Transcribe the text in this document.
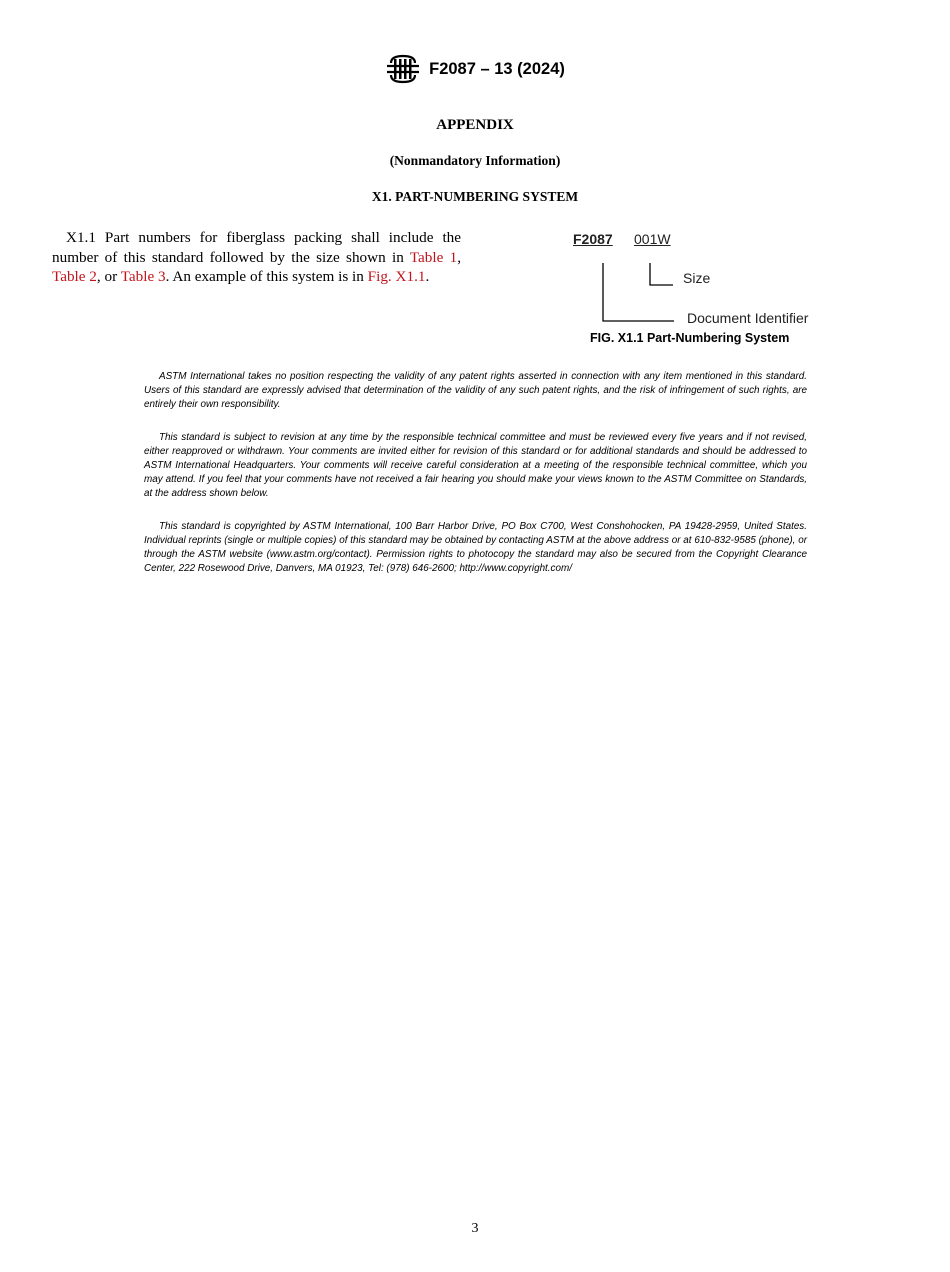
F2087 – 13 (2024)
APPENDIX
(Nonmandatory Information)
X1. PART-NUMBERING SYSTEM
X1.1 Part numbers for fiberglass packing shall include the
number of this standard followed by the size shown in Table 1, Table 2, or Table 3. An example of this system is in Fig. X1.1.
F2087 001W
Size
Document Identifier
FIG. X1.1 Part-Numbering System
ASTM International takes no position respecting the validity of any patent rights asserted in connection with any item mentioned in this standard. Users of this standard are expressly advised that determination of the validity of any such patent rights, and the risk of infringement of such rights, are entirely their own responsibility.
This standard is subject to revision at any time by the responsible technical committee and must be reviewed every five years and if not revised, either reapproved or withdrawn. Your comments are invited either for revision of this standard or for additional standards and should be addressed to ASTM International Headquarters. Your comments will receive careful consideration at a meeting of the responsible technical committee, which you may attend. If you feel that your comments have not received a fair hearing you should make your views known to the ASTM Committee on Standards, at the address shown below.
This standard is copyrighted by ASTM International, 100 Barr Harbor Drive, PO Box C700, West Conshohocken, PA 19428-2959, United States. Individual reprints (single or multiple copies) of this standard may be obtained by contacting ASTM at the above address or at 610-832-9585 (phone), or through the ASTM website (www.astm.org/contact). Permission rights to photocopy the standard may also be secured from the Copyright Clearance Center, 222 Rosewood Drive, Danvers, MA 01923, Tel: (978) 646-2600; http://www.copyright.com/
3
